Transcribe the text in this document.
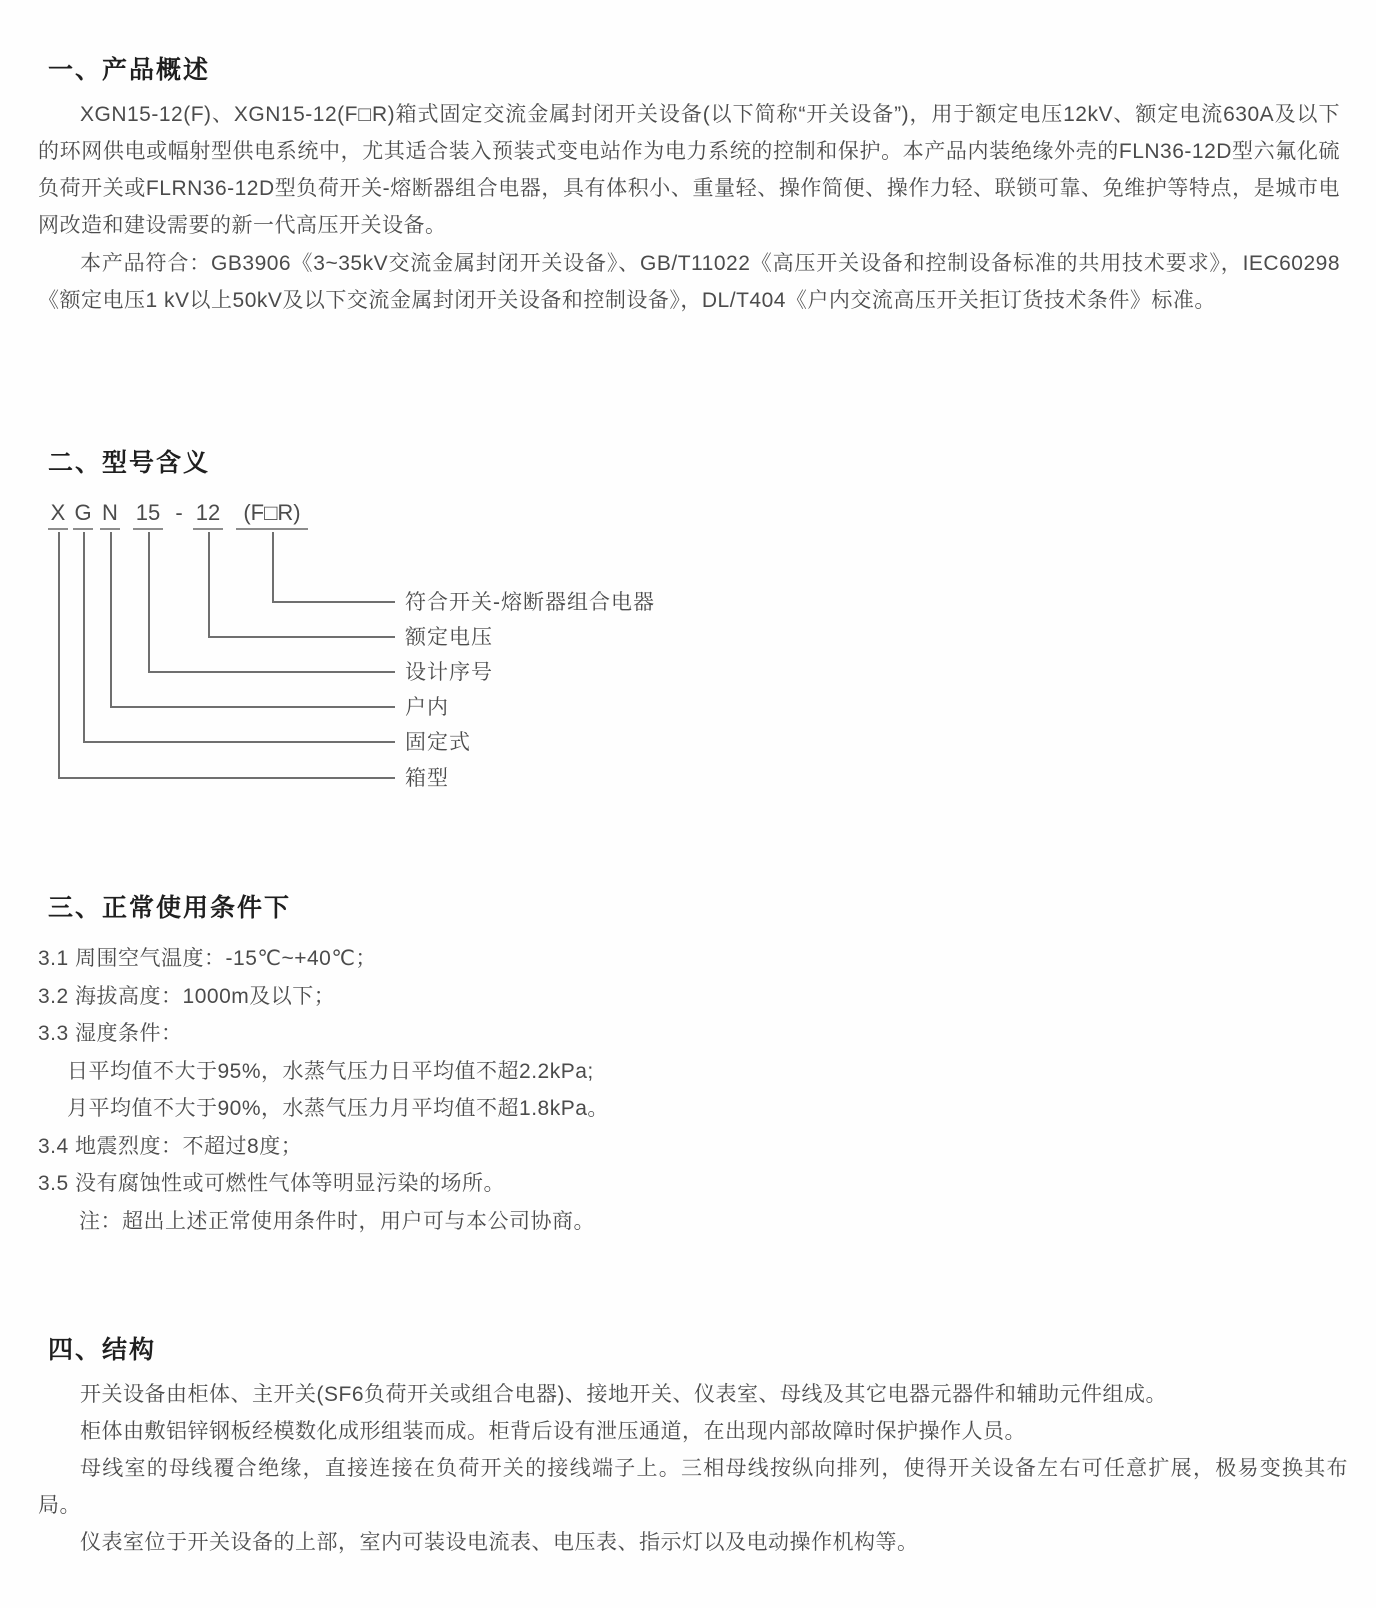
一、产品概述
XGN15-12(F)、XGN15-12(F□R)箱式固定交流金属封闭开关设备(以下简称“开关设备”)，用于额定电压12kV、额定电流630A及以下的环网供电或幅射型供电系统中，尤其适合装入预装式变电站作为电力系统的控制和保护。本产品内装绝缘外壳的FLN36-12D型六氟化硫负荷开关或FLRN36-12D型负荷开关-熔断器组合电器，具有体积小、重量轻、操作简便、操作力轻、联锁可靠、免维护等特点，是城市电网改造和建设需要的新一代高压开关设备。
本产品符合：GB3906《3~35kV交流金属封闭开关设备》、GB/T11022《高压开关设备和控制设备标准的共用技术要求》，IEC60298《额定电压1 kV以上50kV及以下交流金属封闭开关设备和控制设备》，DL/T404《户内交流高压开关拒订货技术条件》标准。
二、型号含义
X G N 15 - 12	(F□R)
符合开关-熔断器组合电器
额定电压
设计序号
户内
固定式
箱型
三、正常使用条件下
3.1 周围空气温度：-15℃~+40℃；
3.2 海拔高度：1000m及以下；
3.3 湿度条件：
日平均值不大于95%，水蒸气压力日平均值不超2.2kPa;
月平均值不大于90%，水蒸气压力月平均值不超1.8kPa。
3.4 地震烈度：不超过8度；
3.5 没有腐蚀性或可燃性气体等明显污染的场所。
注：超出上述正常使用条件时，用户可与本公司协商。
四、结构

开关设备由柜体、主开关(SF6负荷开关或组合电器)、接地开关、仪表室、母线及其它电器元器件和辅助元件组成。

柜体由敷铝锌钢板经模数化成形组装而成。柜背后设有泄压通道，在出现内部故障时保护操作人员。

母线室的母线覆合绝缘，直接连接在负荷开关的接线端子上。三相母线按纵向排列，使得开关设备左右可任意扩展，极易变换其布局。

仪表室位于开关设备的上部，室内可装设电流表、电压表、指示灯以及电动操作机构等。
